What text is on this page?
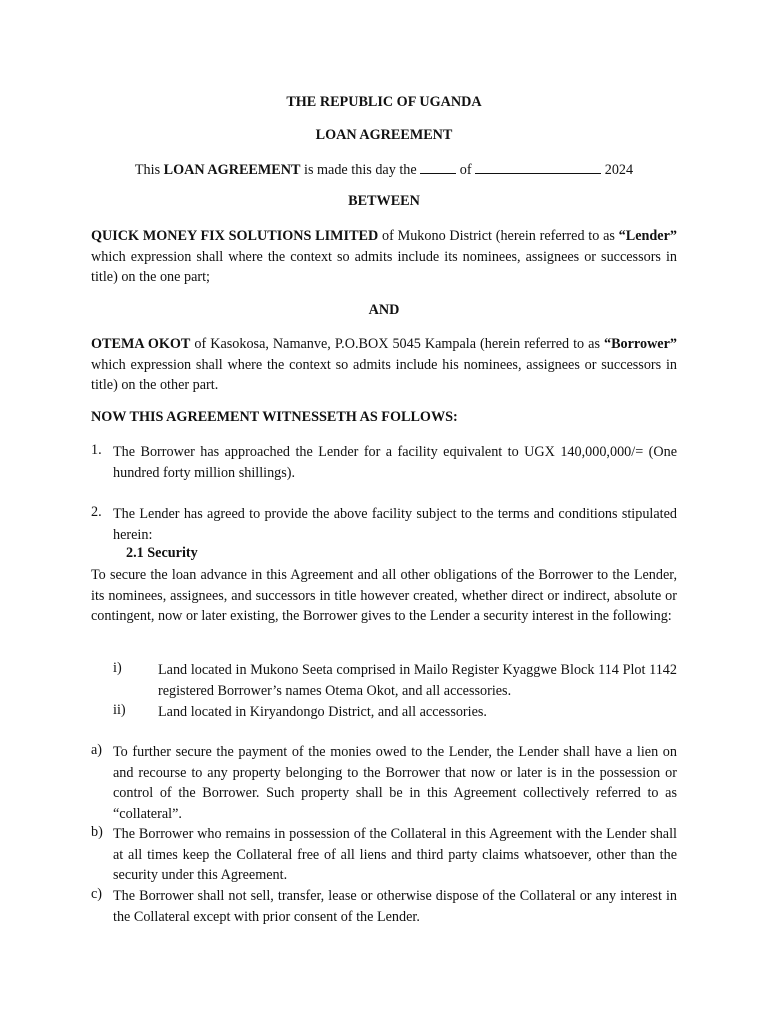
THE REPUBLIC OF UGANDA
LOAN AGREEMENT
This LOAN AGREEMENT is made this day the	of	2024
BETWEEN
QUICK MONEY FIX SOLUTIONS LIMITED of Mukono District (herein referred to as “Lender” which expression shall where the context so admits include its nominees, assignees or successors in title) on the one part;
AND
OTEMA OKOT of Kasokosa, Namanve, P.O.BOX 5045 Kampala (herein referred to as “Borrower” which expression shall where the context so admits include his nominees, assignees or successors in title) on the other part.
NOW THIS AGREEMENT WITNESSETH AS FOLLOWS:
1. The Borrower has approached the Lender for a facility equivalent to UGX 140,000,000/= (One hundred forty million shillings).
2. The Lender has agreed to provide the above facility subject to the terms and conditions stipulated herein:
2.1 Security
To secure the loan advance in this Agreement and all other obligations of the Borrower to the Lender, its nominees, assignees, and successors in title however created, whether direct or indirect, absolute or contingent, now or later existing, the Borrower gives to the Lender a security interest in the following:
i)	Land located in Mukono Seeta comprised in Mailo Register Kyaggwe Block 114 Plot 1142 registered Borrower’s names Otema Okot, and all accessories.
ii) Land located in Kiryandongo District, and all accessories.
a) To further secure the payment of the monies owed to the Lender, the Lender shall have a lien on and recourse to any property belonging to the Borrower that now or later is in the possession or control of the Borrower. Such property shall be in this Agreement collectively referred to as “collateral”.
b) The Borrower who remains in possession of the Collateral in this Agreement with the Lender shall at all times keep the Collateral free of all liens and third party claims whatsoever, other than the security under this Agreement.
c) The Borrower shall not sell, transfer, lease or otherwise dispose of the Collateral or any interest in the Collateral except with prior consent of the Lender.
